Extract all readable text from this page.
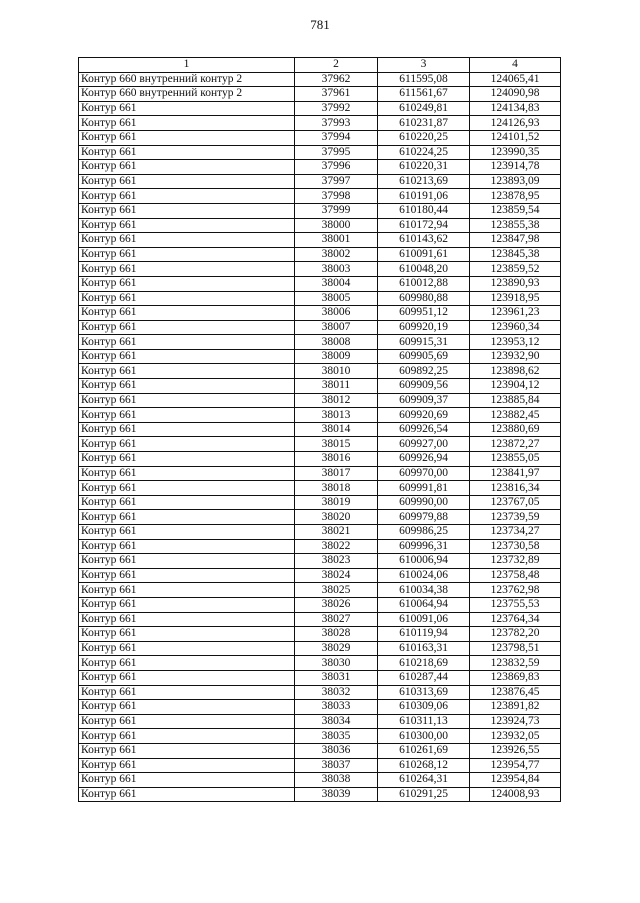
781
1	2	3	4
Контур 660 внутренний контур 2	37962	611595,08	124065,41
Контур 660 внутренний контур 2	37961	611561,67	124090,98
Контур 661	37992	610249,81	124134,83
Контур 661	37993	610231,87	124126,93
Контур 661	37994	610220,25	124101,52
Контур 661	37995	610224,25	123990,35
Контур 661	37996	610220,31	123914,78
Контур 661	37997	610213,69	123893,09
Контур 661	37998	610191,06	123878,95
Контур 661	37999	610180,44	123859,54
Контур 661	38000	610172,94	123855,38
Контур 661	38001	610143,62	123847,98
Контур 661	38002	610091,61	123845,38
Контур 661	38003	610048,20	123859,52
Контур 661	38004	610012,88	123890,93
Контур 661	38005	609980,88	123918,95
Контур 661	38006	609951,12	123961,23
Контур 661	38007	609920,19	123960,34
Контур 661	38008	609915,31	123953,12
Контур 661	38009	609905,69	123932,90
Контур 661	38010	609892,25	123898,62
Контур 661	38011	609909,56	123904,12
Контур 661	38012	609909,37	123885,84
Контур 661	38013	609920,69	123882,45
Контур 661	38014	609926,54	123880,69
Контур 661	38015	609927,00	123872,27
Контур 661	38016	609926,94	123855,05
Контур 661	38017	609970,00	123841,97
Контур 661	38018	609991,81	123816,34
Контур 661	38019	609990,00	123767,05
Контур 661	38020	609979,88	123739,59
Контур 661	38021	609986,25	123734,27
Контур 661	38022	609996,31	123730,58
Контур 661	38023	610006,94	123732,89
Контур 661	38024	610024,06	123758,48
Контур 661	38025	610034,38	123762,98
Контур 661	38026	610064,94	123755,53
Контур 661	38027	610091,06	123764,34
Контур 661	38028	610119,94	123782,20
Контур 661	38029	610163,31	123798,51
Контур 661	38030	610218,69	123832,59
Контур 661	38031	610287,44	123869,83
Контур 661	38032	610313,69	123876,45
Контур 661	38033	610309,06	123891,82
Контур 661	38034	610311,13	123924,73
Контур 661	38035	610300,00	123932,05
Контур 661	38036	610261,69	123926,55
Контур 661	38037	610268,12	123954,77
Контур 661	38038	610264,31	123954,84
Контур 661	38039	610291,25	124008,93
